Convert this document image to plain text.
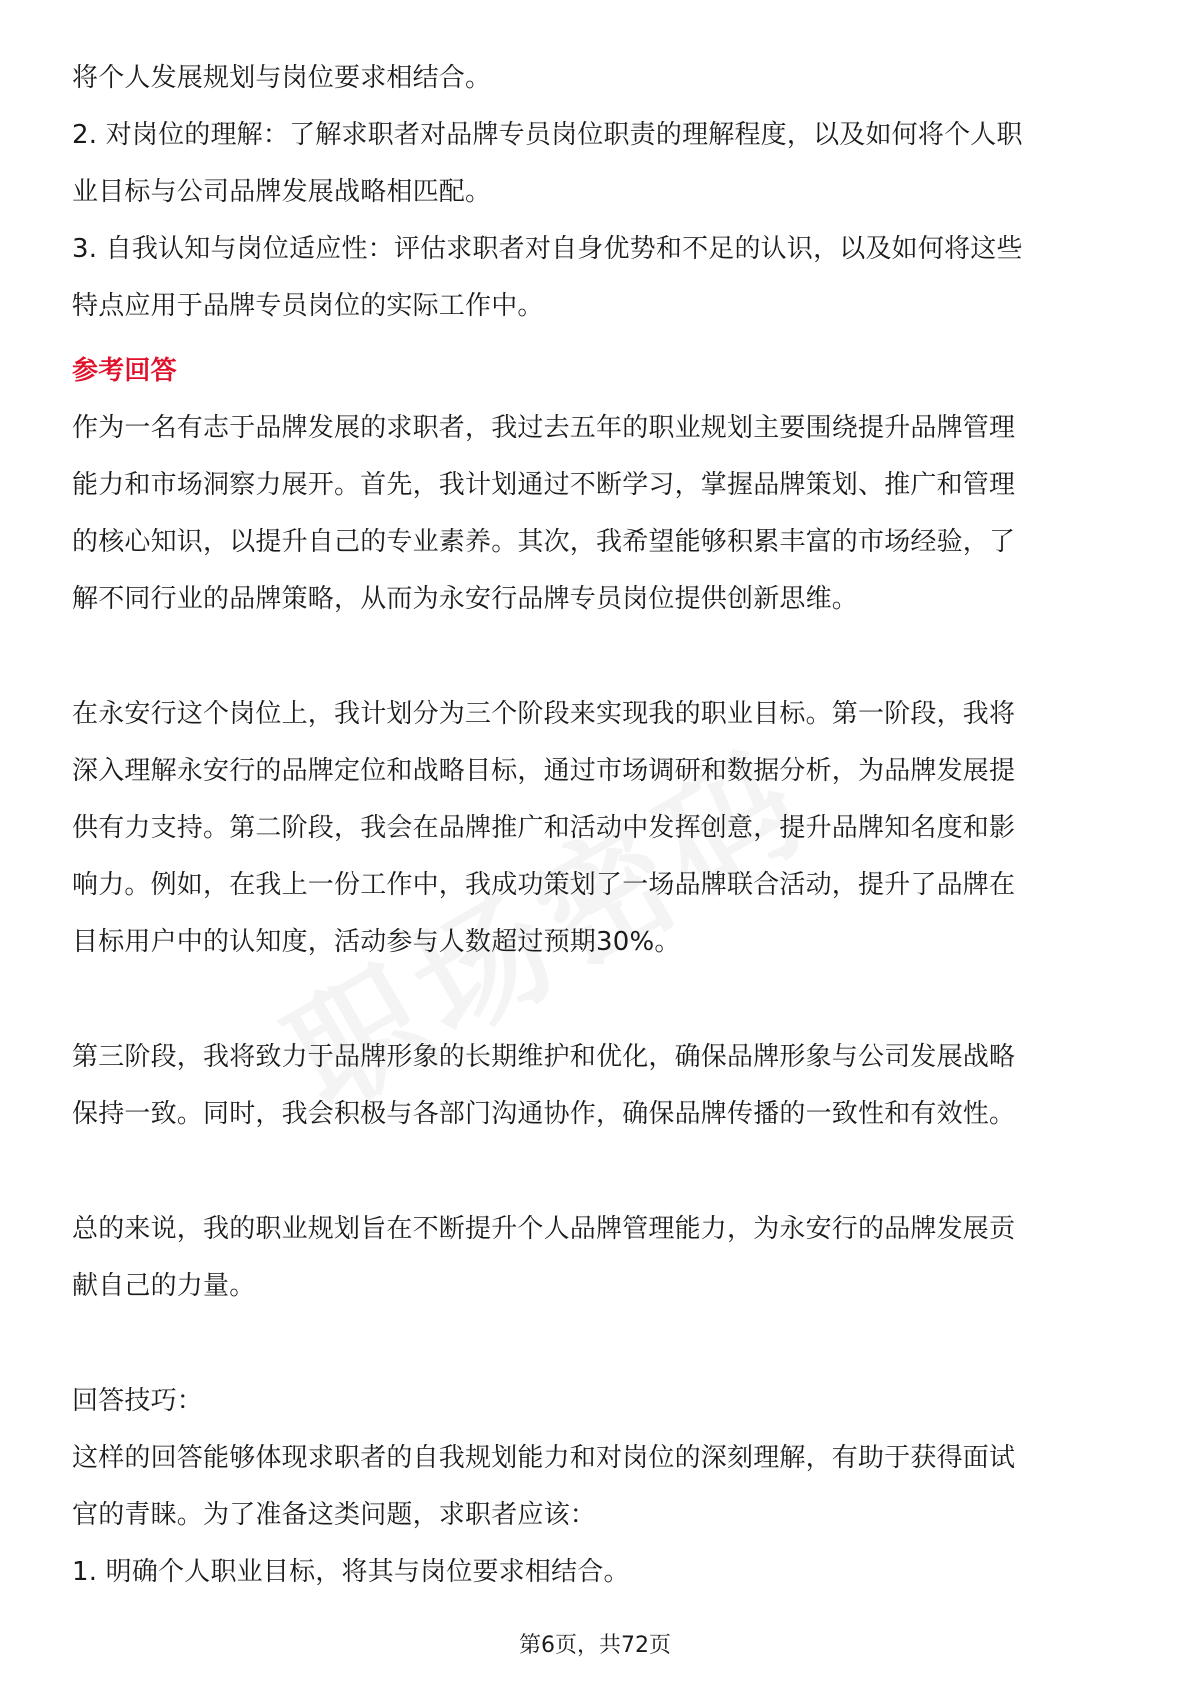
将个人发展规划与岗位要求相结合。
2. 对岗位的理解：了解求职者对品牌专员岗位职责的理解程度，以及如何将个人职
业目标与公司品牌发展战略相匹配。
3. 自我认知与岗位适应性：评估求职者对自身优势和不足的认识，以及如何将这些
特点应用于品牌专员岗位的实际工作中。
参考回答
作为一名有志于品牌发展的求职者，我过去五年的职业规划主要围绕提升品牌管理
能力和市场洞察力展开。首先，我计划通过不断学习，掌握品牌策划、推广和管理
的核心知识，以提升自己的专业素养。其次，我希望能够积累丰富的市场经验，了
解不同行业的品牌策略，从而为永安行品牌专员岗位提供创新思维。
在永安行这个岗位上，我计划分为三个阶段来实现我的职业目标。第一阶段，我将
深入理解永安行的品牌定位和战略目标，通过市场调研和数据分析，为品牌发展提
供有力支持。第二阶段，我会在品牌推广和活动中发挥创意，提升品牌知名度和影
响力。例如，在我上一份工作中，我成功策划了一场品牌联合活动，提升了品牌在
目标用户中的认知度，活动参与人数超过预期30%。
第三阶段，我将致力于品牌形象的长期维护和优化，确保品牌形象与公司发展战略
保持一致。同时，我会积极与各部门沟通协作，确保品牌传播的一致性和有效性。
总的来说，我的职业规划旨在不断提升个人品牌管理能力，为永安行的品牌发展贡
献自己的力量。
回答技巧：
这样的回答能够体现求职者的自我规划能力和对岗位的深刻理解，有助于获得面试
官的青睐。为了准备这类问题，求职者应该：
1. 明确个人职业目标，将其与岗位要求相结合。
第6页，共72页
